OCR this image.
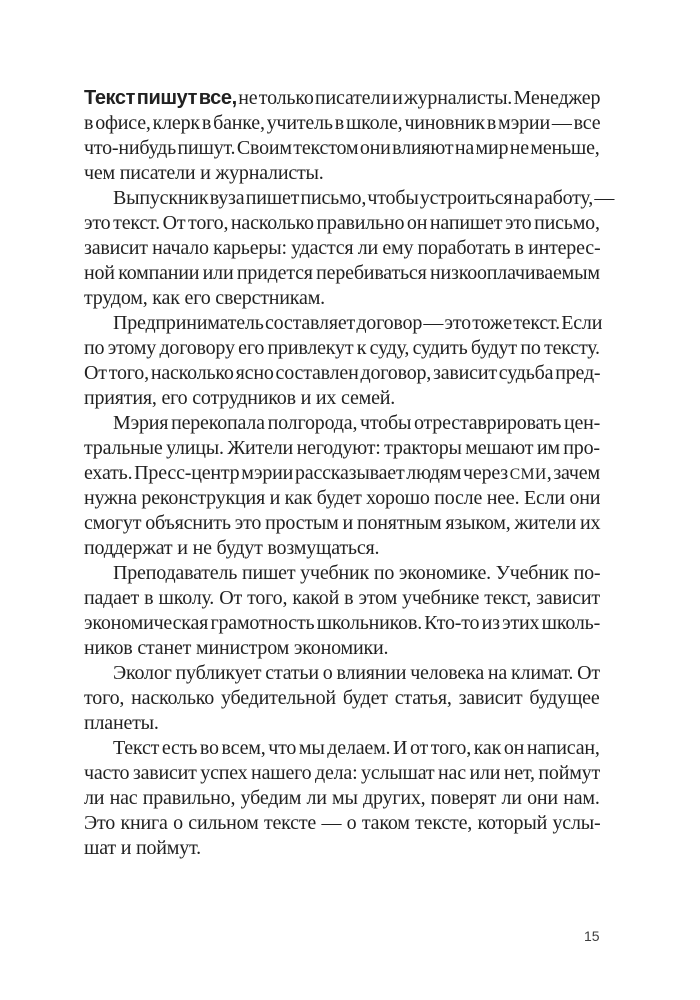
Текст пишут все, не только писатели и журналисты. Менеджер
в офисе, клерк в банке, учитель в школе, чиновник в мэрии — все
что-нибудь пишут. Своим текстом они влияют на мир не меньше,
чем писатели и журналисты.
Выпускник вуза пишет письмо, чтобы устроиться на работу, —
это текст. От того, насколько правильно он напишет это письмо,
зависит начало карьеры: удастся ли ему поработать в интерес-
ной компании или придется перебиваться низкооплачиваемым
трудом, как его сверстникам.
Предприниматель составляет договор — это тоже текст. Если
по этому договору его привлекут к суду, судить будут по тексту.
От того, насколько ясно составлен договор, зависит судьба пред-
приятия, его сотрудников и их семей.
Мэрия перекопала полгорода, чтобы отреставрировать цен-
тральные улицы. Жители негодуют: тракторы мешают им про-
ехать. Пресс-центр мэрии рассказывает людям через СМИ, зачем
нужна реконструкция и как будет хорошо после нее. Если они
смогут объяснить это простым и понятным языком, жители их
поддержат и не будут возмущаться.
Преподаватель пишет учебник по экономике. Учебник по-
падает в школу. От того, какой в этом учебнике текст, зависит
экономическая грамотность школьников. Кто-то из этих школь-
ников станет министром экономики.
Эколог публикует статьи о влиянии человека на климат. От
того, насколько убедительной будет статья, зависит будущее
планеты.
Текст есть во всем, что мы делаем. И от того, как он написан,
часто зависит успех нашего дела: услышат нас или нет, поймут
ли нас правильно, убедим ли мы других, поверят ли они нам.
Это книга о сильном тексте — о таком тексте, который услы-
шат и поймут.
15
